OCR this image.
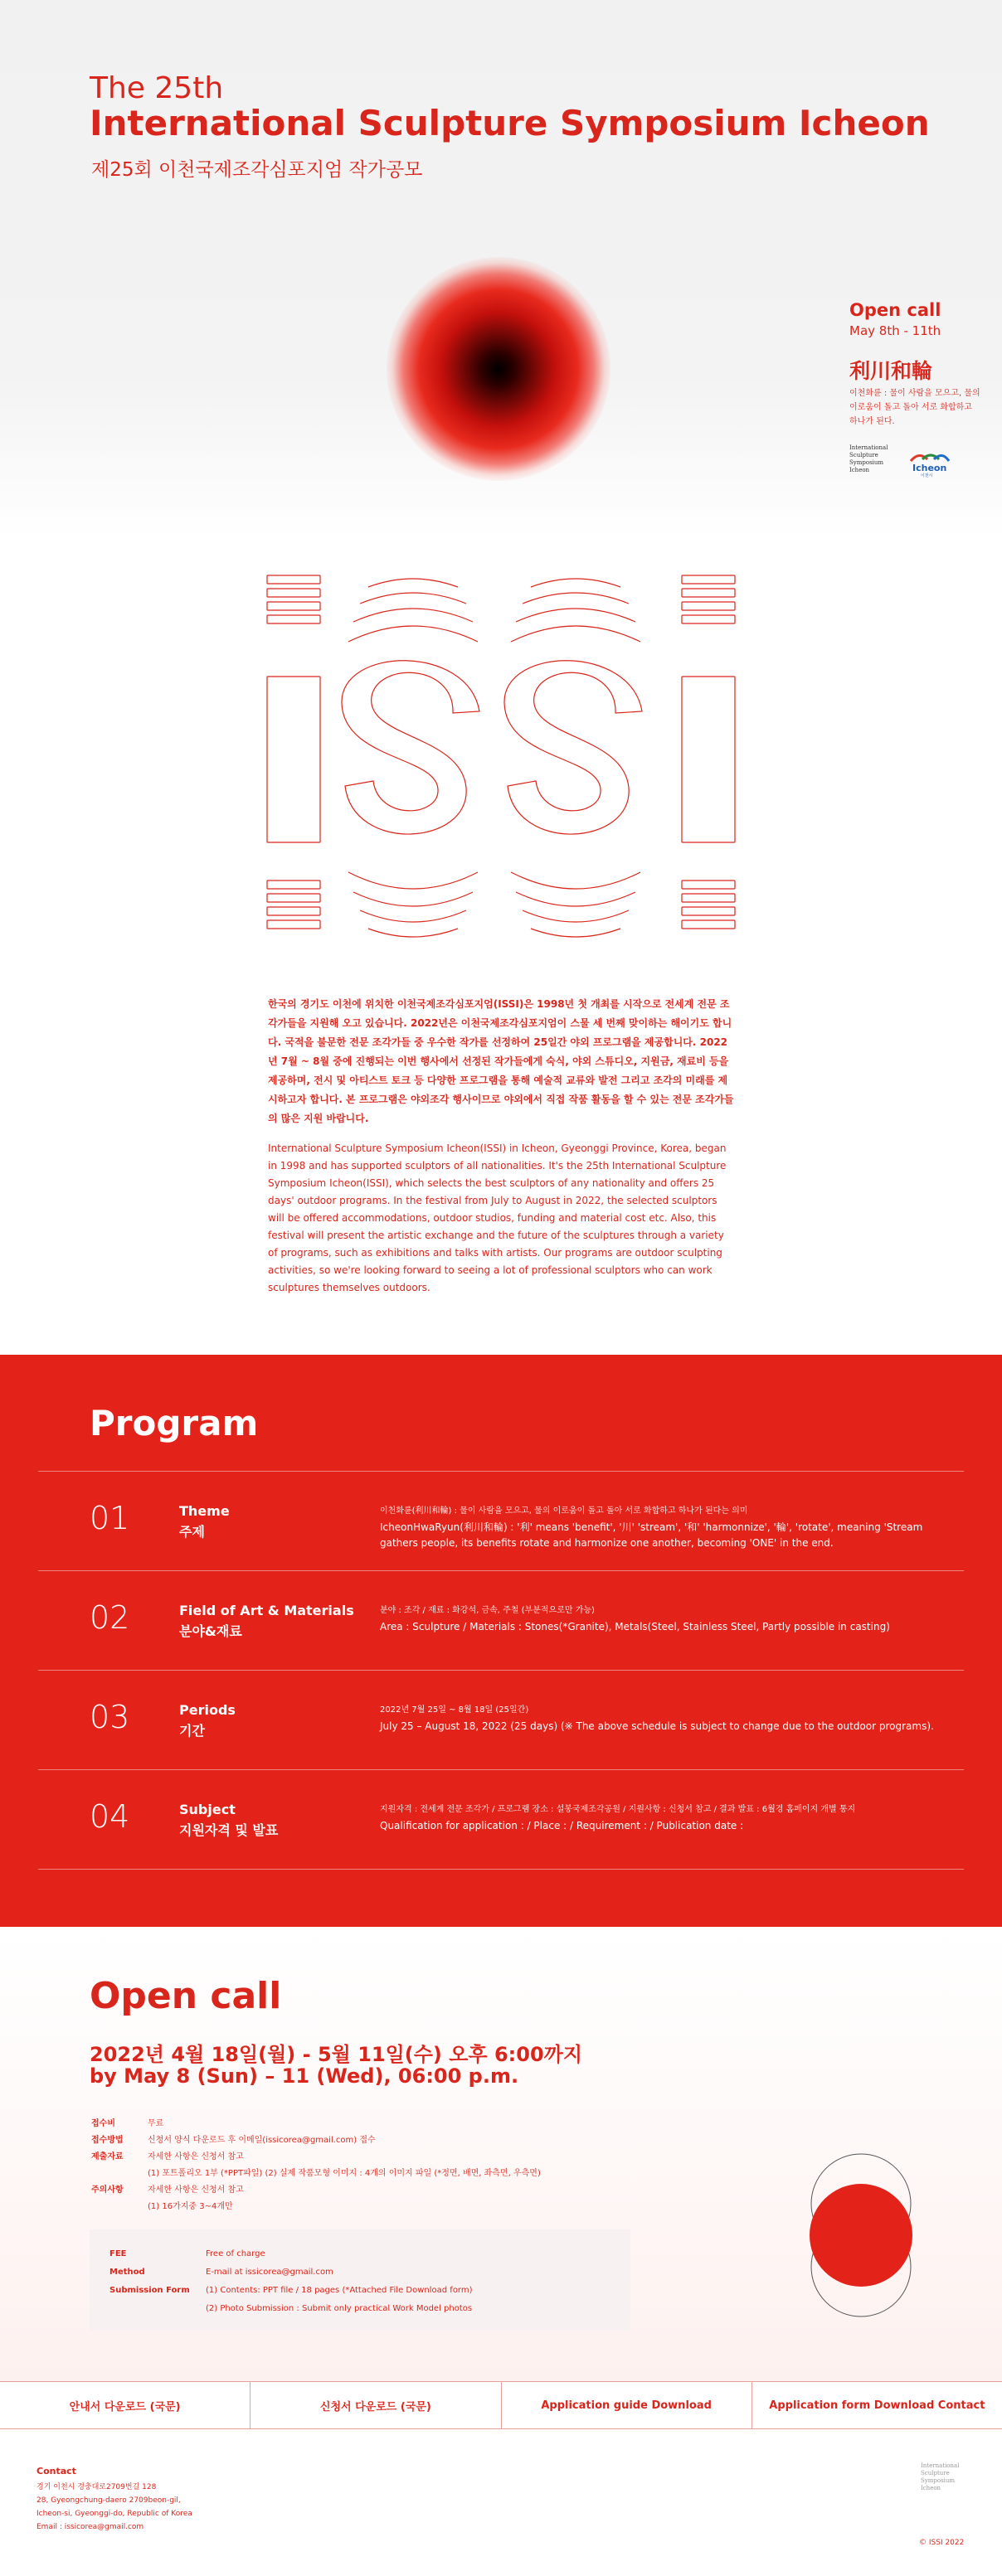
The 25th
International Sculpture Symposium Icheon
제25회 이천국제조각심포지엄 작가공모
Open call
May 8th - 11th
利川和輪
이천화륜 : 물이 사람을 모으고, 물의 이로움이 돌고 돌아 서로 화합하고 하나가 된다.
International Sculpture Symposium Icheon	Icheon
이천시

한국의 경기도 이천에 위치한 이천국제조각심포지엄(ISSI)은 1998년 첫 개최를 시작으로 전세계 전문 조각가들을 지원해 오고 있습니다. 2022년은 이천국제조각심포지엄이 스물 세 번째 맞이하는 해이기도 합니다. 국적을 불문한 전문 조각가들 중 우수한 작가를 선정하여 25일간 야외 프로그램을 제공합니다. 2022년 7월 ~ 8월 중에 진행되는 이번 행사에서 선정된 작가들에게 숙식, 야외 스튜디오, 지원금, 재료비 등을 제공하며, 전시 및 아티스트 토크 등 다양한 프로그램을 통해 예술적 교류와 발전 그리고 조각의 미래를 제시하고자 합니다. 본 프로그램은 야외조각 행사이므로 야외에서 직접 작품 활동을 할 수 있는 전문 조각가들의 많은 지원 바랍니다.

International Sculpture Symposium Icheon(ISSI) in Icheon, Gyeonggi Province, Korea, began in 1998 and has supported sculptors of all nationalities. It's the 25th International Sculpture Symposium Icheon(ISSI), which selects the best sculptors of any nationality and offers 25 days' outdoor programs. In the festival from July to August in 2022, the selected sculptors will be offered accommodations, outdoor studios, funding and material cost etc. Also, this festival will present the artistic exchange and the future of the sculptures through a variety of programs, such as exhibitions and talks with artists. Our programs are outdoor sculpting activities, so we're looking forward to seeing a lot of professional sculptors who can work sculptures themselves outdoors.

Program
01	Theme
주제
이천화륜(利川和輪) : 물이 사람을 모으고, 물의 이로움이 돌고 돌아 서로 화합하고 하나가 된다는 의미
IcheonHwaRyun(利川和輪) : '利' means 'benefit', '川' 'stream', '和' 'harmonnize', '輪', 'rotate', meaning 'Stream gathers people, its benefits rotate and harmonize one another, becoming 'ONE' in the end.
02	Field of Art & Materials
분야&재료
분야 : 조각 / 재료 : 화강석, 금속, 주철 (부분적으로만 가능)
Area : Sculpture / Materials : Stones(*Granite), Metals(Steel, Stainless Steel, Partly possible in casting)
03	Periods
기간
2022년 7월 25일 ~ 8월 18일 (25일간)
July 25 – August 18, 2022 (25 days) (※ The above schedule is subject to change due to the outdoor programs).
04	Subject
지원자격 및 발표
지원자격 : 전세계 전문 조각가 / 프로그램 장소 : 설봉국제조각공원 / 지원사항 : 신청서 참고 / 결과 발표 : 6월경 홈페이지 개별 통지
Qualification for application : / Place : / Requirement : / Publication date :
Open call
2022년 4월 18일(월) - 5월 11일(수) 오후 6:00까지
by May 8 (Sun) – 11 (Wed), 06:00 p.m.
접수비	무료
접수방법	신청서 양식 다운로드 후 이메일(issicorea@gmail.com) 접수
제출자료	자세한 사항은 신청서 참고
(1) 포트폴리오 1부 (*PPT파일) (2) 실제 작품모형 이미지 : 4개의 이미지 파일 (*정면, 배면, 좌측면, 우측면)
주의사항	자세한 사항은 신청서 참고
(1) 16가지중 3~4개만
FEE	Free of charge
Method	E-mail at issicorea@gmail.com
Submission Form (1) Contents: PPT file / 18 pages (*Attached File Download form)
(2) Photo Submission : Submit only practical Work Model photos
안내서 다운로드 (국문)	신청서 다운로드 (국문)	Application guide Download	Application form Download Contact
Contact
경기 이천시 경충대로2709번길 128
28, Gyeongchung-daero 2709beon-gil,
Icheon-si, Gyeonggi-do, Republic of Korea
Email : issicorea@gmail.com
International Sculpture Symposium Icheon
© ISSI 2022
